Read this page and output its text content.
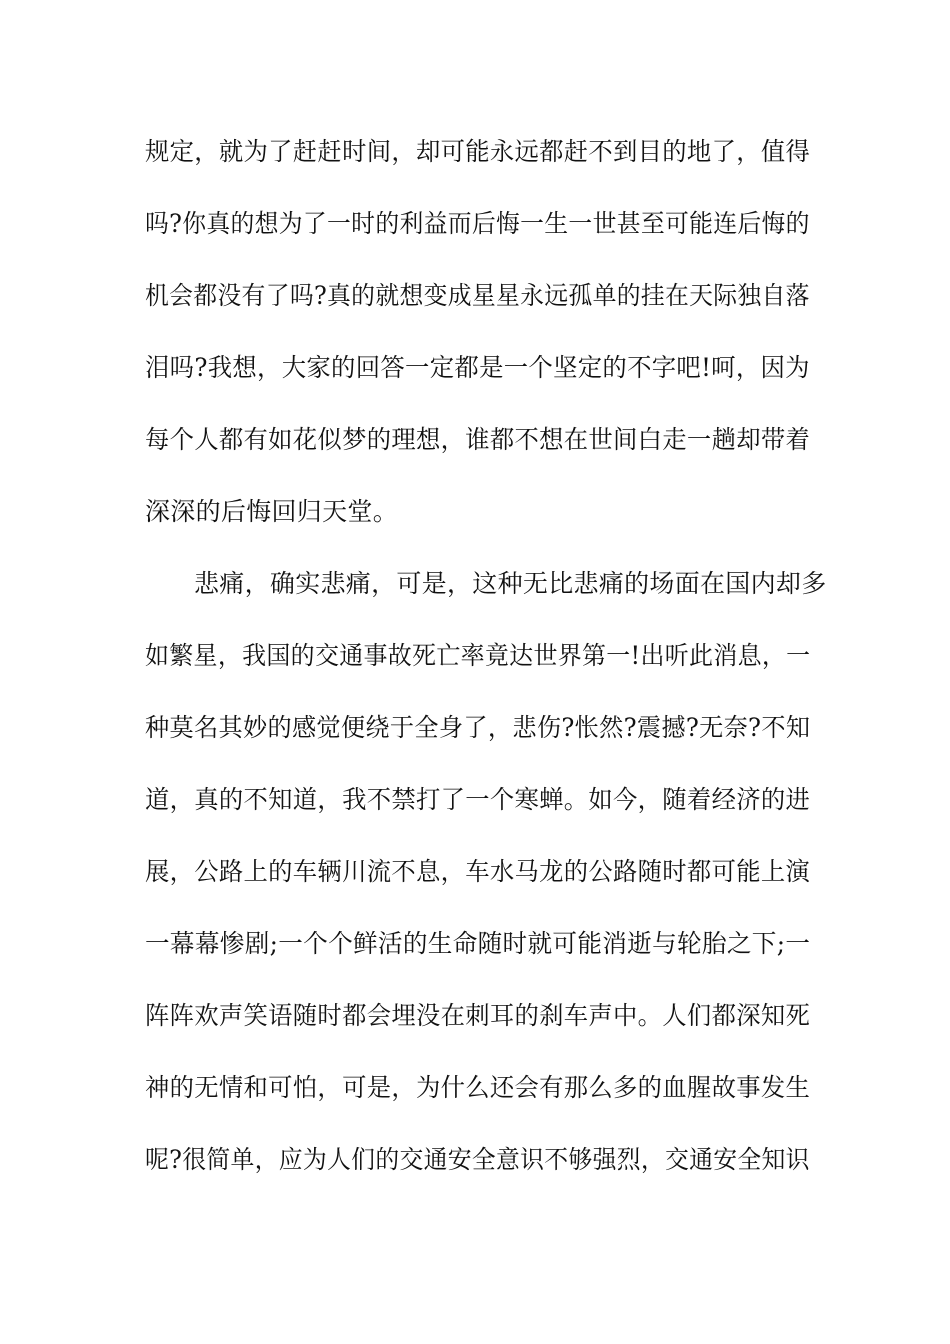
规定，就为了赶赶时间，却可能永远都赶不到目的地了，值得
吗?你真的想为了一时的利益而后悔一生一世甚至可能连后悔的
机会都没有了吗?真的就想变成星星永远孤单的挂在天际独自落
泪吗?我想，大家的回答一定都是一个坚定的不字吧!呵，因为
每个人都有如花似梦的理想，谁都不想在世间白走一趟却带着
深深的后悔回归天堂。
悲痛，确实悲痛，可是，这种无比悲痛的场面在国内却多
如繁星，我国的交通事故死亡率竟达世界第一!出听此消息，一
种莫名其妙的感觉便绕于全身了，悲伤?怅然?震撼?无奈?不知
道，真的不知道，我不禁打了一个寒蝉。如今，随着经济的进
展，公路上的车辆川流不息，车水马龙的公路随时都可能上演
一幕幕惨剧;一个个鲜活的生命随时就可能消逝与轮胎之下;一
阵阵欢声笑语随时都会埋没在刺耳的刹车声中。人们都深知死
神的无情和可怕，可是，为什么还会有那么多的血腥故事发生
呢?很简单，应为人们的交通安全意识不够强烈，交通安全知识
